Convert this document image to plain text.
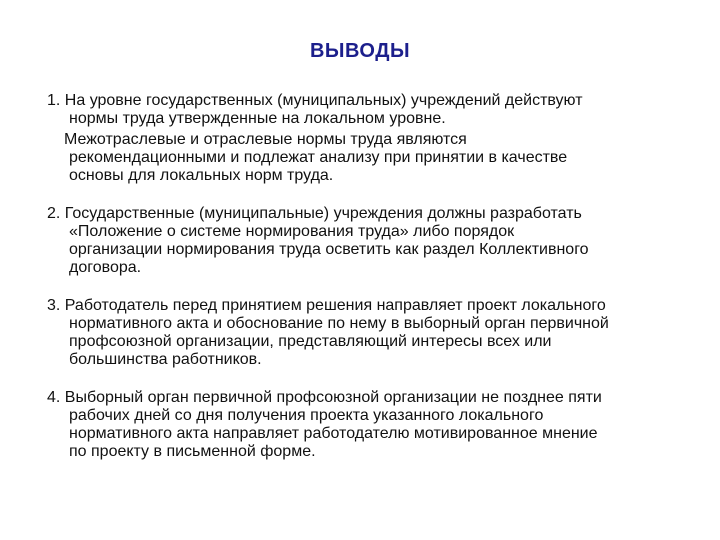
ВЫВОДЫ
1. На уровне государственных (муниципальных) учреждений действуют
нормы труда утвержденные на локальном уровне.
Межотраслевые и отраслевые нормы труда являются
рекомендационными и подлежат анализу при принятии в качестве
основы для локальных норм труда.
2. Государственные (муниципальные) учреждения должны разработать
«Положение о системе нормирования труда» либо порядок
организации нормирования труда осветить как раздел Коллективного
договора.
3. Работодатель перед принятием решения направляет проект локального
нормативного акта и обоснование по нему в выборный орган первичной
профсоюзной организации, представляющий интересы всех или
большинства работников.
4. Выборный орган первичной профсоюзной организации не позднее пяти
рабочих дней со дня получения проекта указанного локального
нормативного акта направляет работодателю мотивированное мнение
по проекту в письменной форме.
